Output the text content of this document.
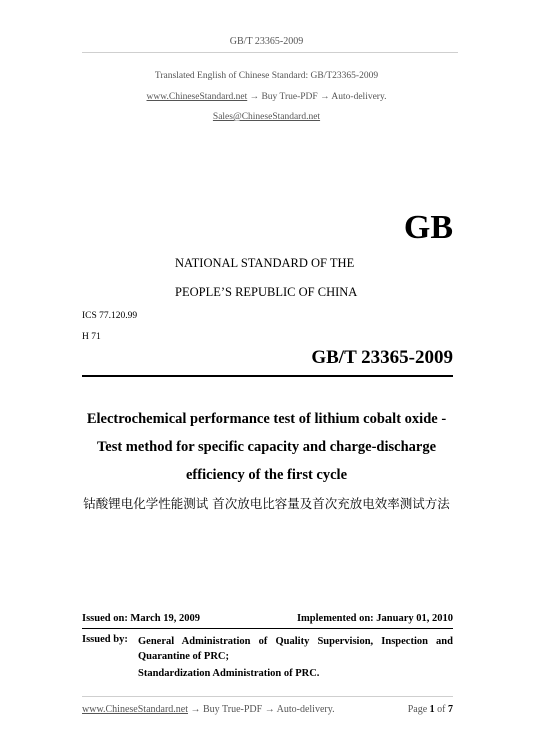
GB/T 23365-2009
Translated English of Chinese Standard: GB/T23365-2009
www.ChineseStandard.net → Buy True-PDF → Auto-delivery.
Sales@ChineseStandard.net
GB
NATIONAL STANDARD OF THE
PEOPLE’S REPUBLIC OF CHINA
ICS 77.120.99
H 71
GB/T 23365-2009
Electrochemical performance test of lithium cobalt oxide -
Test method for specific capacity and charge-discharge
efficiency of the first cycle
钴酸锂电化学性能测试 首次放电比容量及首次充放电效率测试方法
Issued on: March 19, 2009	Implemented on: January 01, 2010
Issued by: General Administration of Quality Supervision, Inspection and Quarantine of PRC;
Standardization Administration of PRC.
www.ChineseStandard.net → Buy True-PDF → Auto-delivery.	Page 1 of 7
